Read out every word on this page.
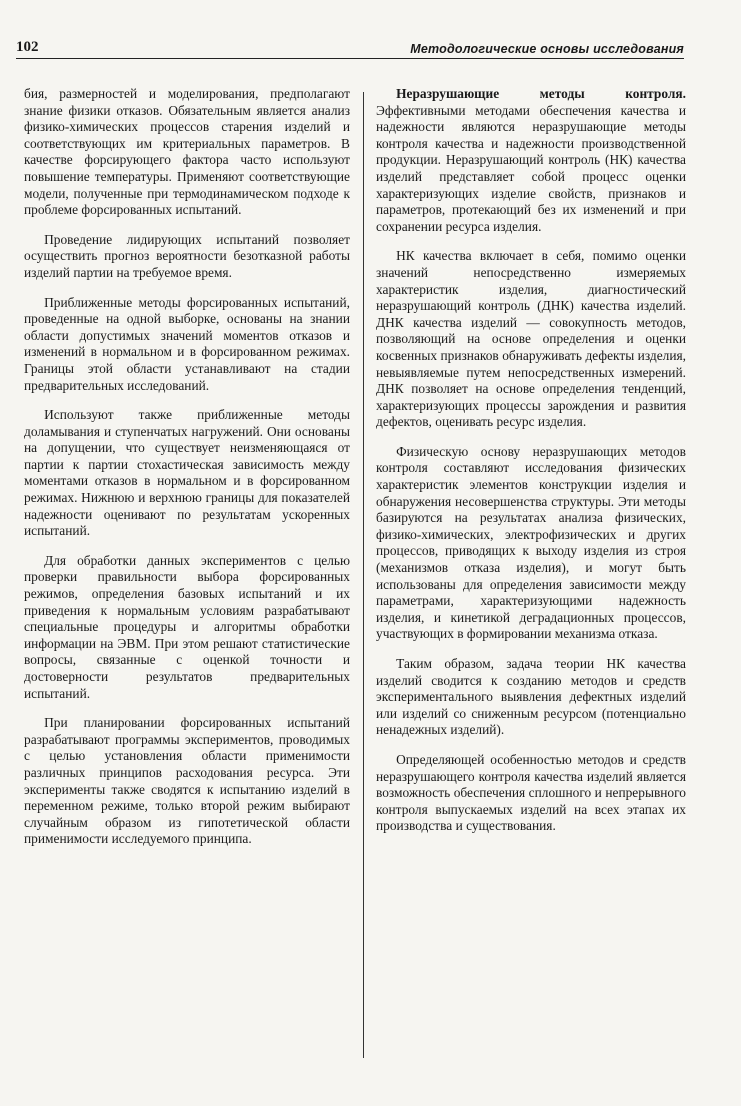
102	Методологические основы исследования

бия, размерностей и моделирования, предполагают знание физики отказов. Обязательным является анализ физико-химических процессов старения изделий и соответствующих им критериальных параметров. В качестве форсирующего фактора часто используют повышение температуры. Применяют соответствующие модели, полученные при термодинамическом подходе к проблеме форсированных испытаний.

Проведение лидирующих испытаний позволяет осуществить прогноз вероятности безотказной работы изделий партии на требуемое время.

Приближенные методы форсированных испытаний, проведенные на одной выборке, основаны на знании области допустимых значений моментов отказов и изменений в нормальном и в форсированном режимах. Границы этой области устанавливают на стадии предварительных исследований.

Используют также приближенные методы доламывания и ступенчатых нагружений. Они основаны на допущении, что существует неизменяющаяся от партии к партии стохастическая зависимость между моментами отказов в нормальном и в форсированном режимах. Нижнюю и верхнюю границы для показателей надежности оценивают по результатам ускоренных испытаний.

Для обработки данных экспериментов с целью проверки правильности выбора форсированных режимов, определения базовых испытаний и их приведения к нормальным условиям разрабатывают специальные процедуры и алгоритмы обработки информации на ЭВМ. При этом решают статистические вопросы, связанные с оценкой точности и достоверности результатов предварительных испытаний.

При планировании форсированных испытаний разрабатывают программы экспериментов, проводимых с целью установления области применимости различных принципов расходования ресурса. Эти эксперименты также сводятся к испытанию изделий в переменном режиме, только второй режим выбирают случайным образом из гипотетической области применимости исследуемого принципа.

Неразрушающие методы контроля. Эффективными методами обеспечения качества и надежности являются неразрушающие методы контроля качества и надежности производственной продукции. Неразрушающий контроль (НК) качества изделий представляет собой процесс оценки характеризующих изделие свойств, признаков и параметров, протекающий без их изменений и при сохранении ресурса изделия.

НК качества включает в себя, помимо оценки значений непосредственно измеряемых характеристик изделия, диагностический неразрушающий контроль (ДНК) качества изделий. ДНК качества изделий — совокупность методов, позволяющий на основе определения и оценки косвенных признаков обнаруживать дефекты изделия, невыявляемые путем непосредственных измерений. ДНК позволяет на основе определения тенденций, характеризующих процессы зарождения и развития дефектов, оценивать ресурс изделия.

Физическую основу неразрушающих методов контроля составляют исследования физических характеристик элементов конструкции изделия и обнаружения несовершенства структуры. Эти методы базируются на результатах анализа физических, физико-химических, электрофизических и других процессов, приводящих к выходу изделия из строя (механизмов отказа изделия), и могут быть использованы для определения зависимости между параметрами, характеризующими надежность изделия, и кинетикой деградационных процессов, участвующих в формировании механизма отказа.

Таким образом, задача теории НК качества изделий сводится к созданию методов и средств экспериментального выявления дефектных изделий или изделий со сниженным ресурсом (потенциально ненадежных изделий).

Определяющей особенностью методов и средств неразрушающего контроля качества изделий является возможность обеспечения сплошного и непрерывного контроля выпускаемых изделий на всех этапах их производства и существования.
